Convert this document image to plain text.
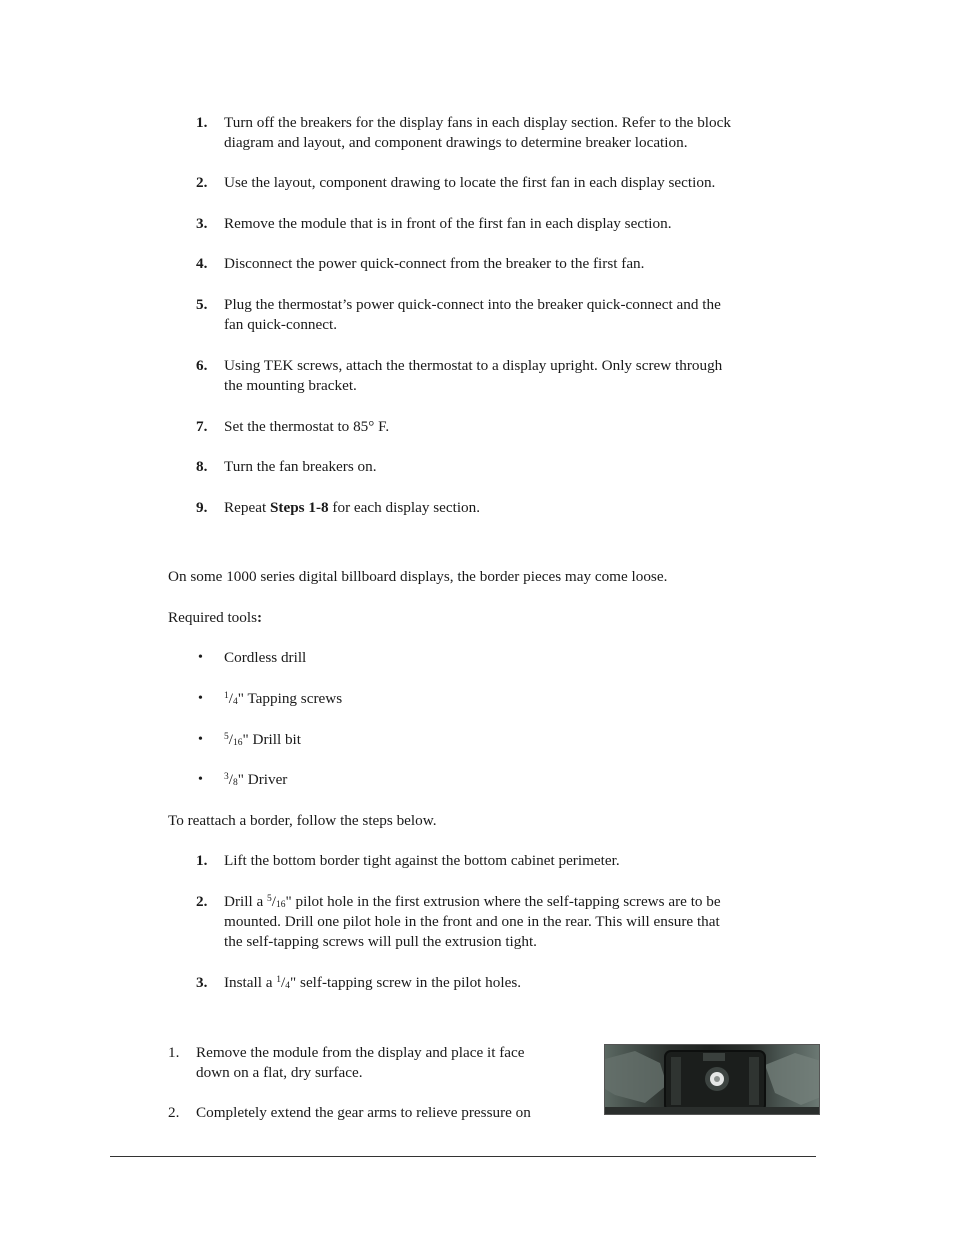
1. Turn off the breakers for the display fans in each display section. Refer to the block
diagram and layout, and component drawings to determine breaker location.
2. Use the layout, component drawing to locate the first fan in each display section.
3. Remove the module that is in front of the first fan in each display section.
4. Disconnect the power quick-connect from the breaker to the first fan.
5. Plug the thermostat’s power quick-connect into the breaker quick-connect and the
fan quick-connect.
6. Using TEK screws, attach the thermostat to a display upright. Only screw through
the mounting bracket.
7. Set the thermostat to 85° F.
8. Turn the fan breakers on.
9. Repeat Steps 1-8 for each display section.
On some 1000 series digital billboard displays, the border pieces may come loose.
Required tools:
• Cordless drill
• $^1/_4$" Tapping screws
• $^5/_{16}$" Drill bit
• $^3/_8$" Driver
To reattach a border, follow the steps below.
1. Lift the bottom border tight against the bottom cabinet perimeter.
2. Drill a $^5/_{16}$" pilot hole in the first extrusion where the self-tapping screws are to be
mounted. Drill one pilot hole in the front and one in the rear. This will ensure that
the self-tapping screws will pull the extrusion tight.
3. Install a $^1/_4$" self-tapping screw in the pilot holes.
1. Remove the module from the display and place it face
down on a flat, dry surface.
2. Completely extend the gear arms to relieve pressure on
